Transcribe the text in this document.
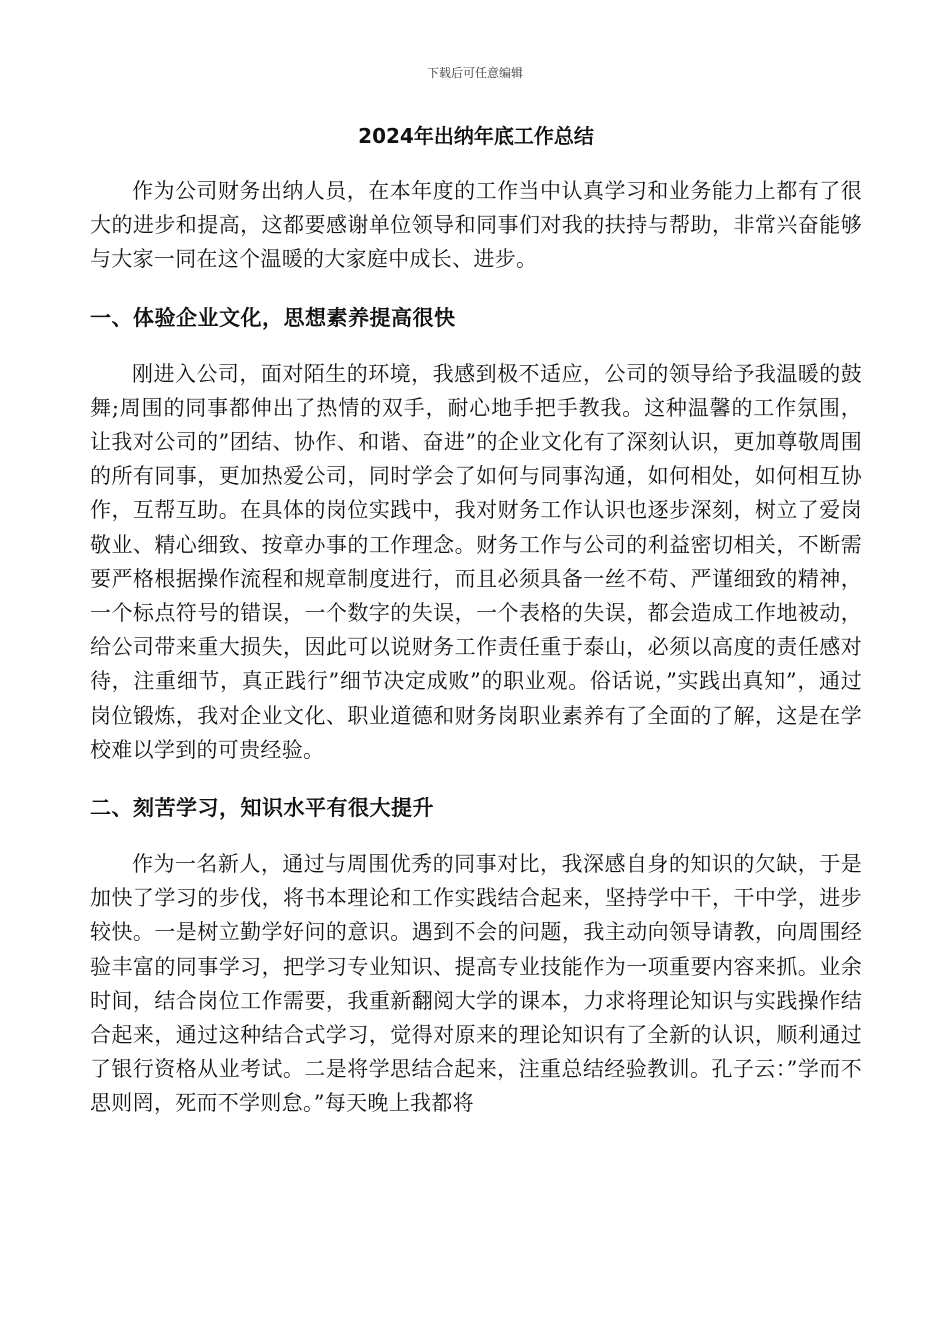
下载后可任意编辑
2024年出纳年底工作总结

作为公司财务出纳人员，在本年度的工作当中认真学习和业务能力上都有了很大的进步和提高，这都要感谢单位领导和同事们对我的扶持与帮助，非常兴奋能够与大家一同在这个温暖的大家庭中成长、进步。

一、体验企业文化，思想素养提高很快

刚进入公司，面对陌生的环境，我感到极不适应，公司的领导给予我温暖的鼓舞;周围的同事都伸出了热情的双手，耐心地手把手教我。这种温馨的工作氛围，让我对公司的”团结、协作、和谐、奋进”的企业文化有了深刻认识，更加尊敬周围的所有同事，更加热爱公司，同时学会了如何与同事沟通，如何相处，如何相互协作，互帮互助。在具体的岗位实践中，我对财务工作认识也逐步深刻，树立了爱岗敬业、精心细致、按章办事的工作理念。财务工作与公司的利益密切相关，不断需要严格根据操作流程和规章制度进行，而且必须具备一丝不苟、严谨细致的精神，一个标点符号的错误，一个数字的失误，一个表格的失误，都会造成工作地被动，给公司带来重大损失，因此可以说财务工作责任重于泰山，必须以高度的责任感对待，注重细节，真正践行”细节决定成败”的职业观。俗话说，”实践出真知”，通过岗位锻炼，我对企业文化、职业道德和财务岗职业素养有了全面的了解，这是在学校难以学到的可贵经验。

二、刻苦学习，知识水平有很大提升

作为一名新人，通过与周围优秀的同事对比，我深感自身的知识的欠缺，于是加快了学习的步伐，将书本理论和工作实践结合起来，坚持学中干，干中学，进步较快。一是树立勤学好问的意识。遇到不会的问题，我主动向领导请教，向周围经验丰富的同事学习，把学习专业知识、提高专业技能作为一项重要内容来抓。业余时间，结合岗位工作需要，我重新翻阅大学的课本，力求将理论知识与实践操作结合起来，通过这种结合式学习，觉得对原来的理论知识有了全新的认识，顺利通过了银行资格从业考试。二是将学思结合起来，注重总结经验教训。孔子云：”学而不思则罔，死而不学则怠。”每天晚上我都将
